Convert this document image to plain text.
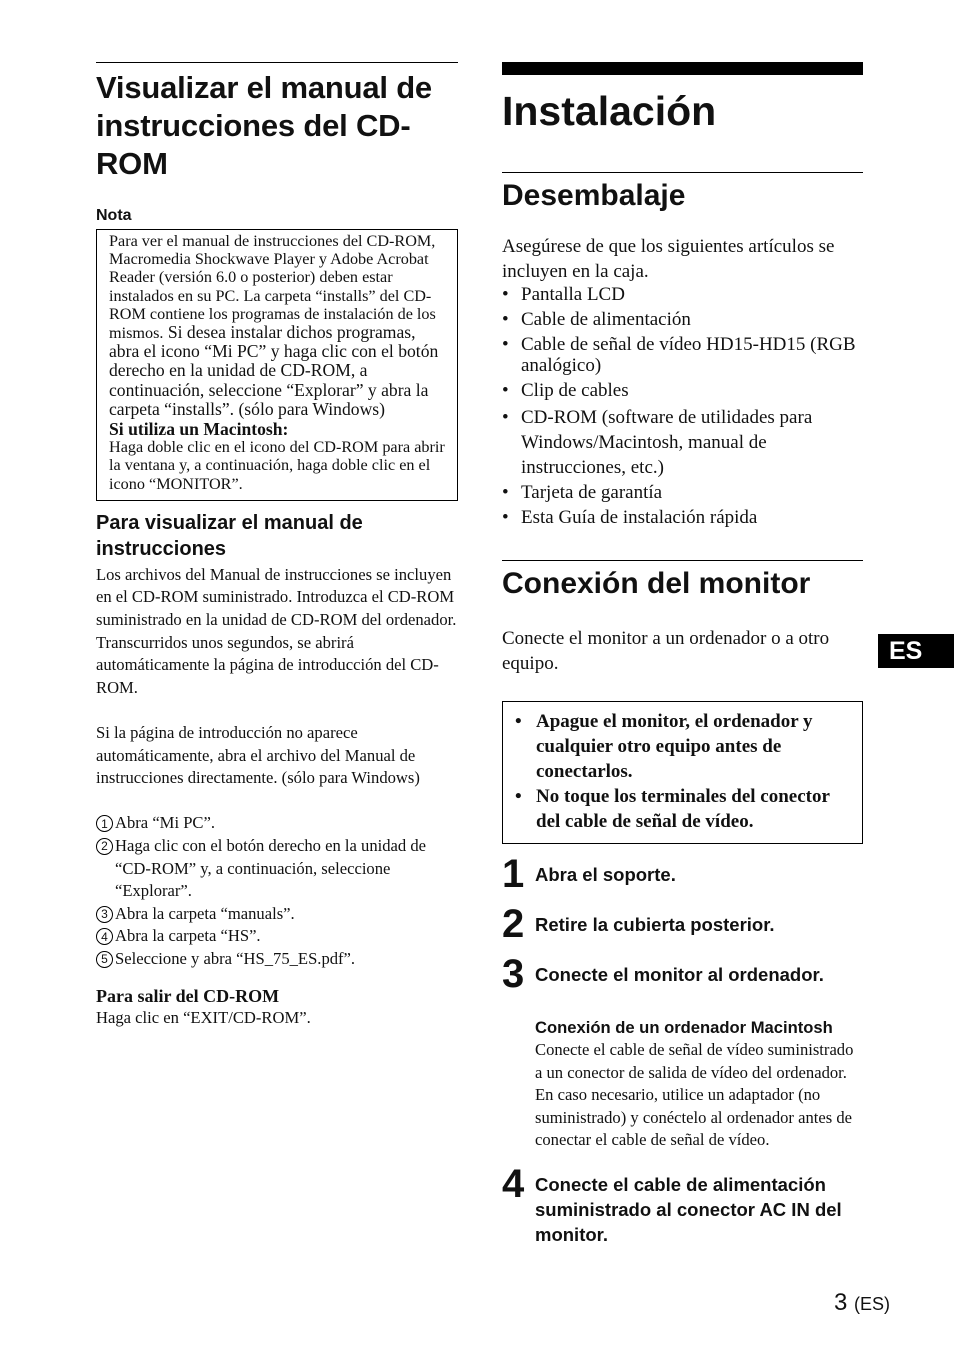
Visualizar el manual de instrucciones del CD-ROM
Nota
Para ver el manual de instrucciones del CD-ROM, Macromedia Shockwave Player y Adobe Acrobat Reader (versión 6.0 o posterior) deben estar instalados en su PC. La carpeta “installs” del CD-ROM contiene los programas de instalación de los mismos. Si desea instalar dichos programas, abra el icono “Mi PC” y haga clic con el botón derecho en la unidad de CD-ROM, a continuación, seleccione “Explorar” y abra la carpeta “installs”. (sólo para Windows)
Si utiliza un Macintosh:
Haga doble clic en el icono del CD-ROM para abrir la ventana y, a continuación, haga doble clic en el icono “MONITOR”.
Para visualizar el manual de instrucciones

Los archivos del Manual de instrucciones se incluyen en el CD-ROM suministrado. Introduzca el CD-ROM suministrado en la unidad de CD-ROM del ordenador. Transcurridos unos segundos, se abrirá automáticamente la página de introducción del CD-ROM.

Si la página de introducción no aparece automáticamente, abra el archivo del Manual de instrucciones directamente. (sólo para Windows)

1 Abra “Mi PC”.
2 Haga clic con el botón derecho en la unidad de “CD-ROM” y, a continuación, seleccione “Explorar”.
3 Abra la carpeta “manuals”.
4 Abra la carpeta “HS”.
5 Seleccione y abra “HS_75_ES.pdf”.
Para salir del CD-ROM

Haga clic en “EXIT/CD-ROM”.

Instalación
Desembalaje

Asegúrese de que los siguientes artículos se incluyen en la caja.

• Pantalla LCD
• Cable de alimentación
• Cable de señal de vídeo HD15-HD15 (RGB analógico)
• Clip de cables
• CD-ROM (software de utilidades para Windows/Macintosh, manual de instrucciones, etc.)
• Tarjeta de garantía
• Esta Guía de instalación rápida
Conexión del monitor

Conecte el monitor a un ordenador o a otro equipo.

• Apague el monitor, el ordenador y cualquier otro equipo antes de conectarlos.
• No toque los terminales del conector del cable de señal de vídeo.
1 Abra el soporte.
2 Retire la cubierta posterior.
3 Conecte el monitor al ordenador.
Conexión de un ordenador Macintosh

Conecte el cable de señal de vídeo suministrado a un conector de salida de vídeo del ordenador. En caso necesario, utilice un adaptador (no suministrado) y conéctelo al ordenador antes de conectar el cable de señal de vídeo.

4 Conecte el cable de alimentación suministrado al conector AC IN del monitor.
ES
3 (ES)
